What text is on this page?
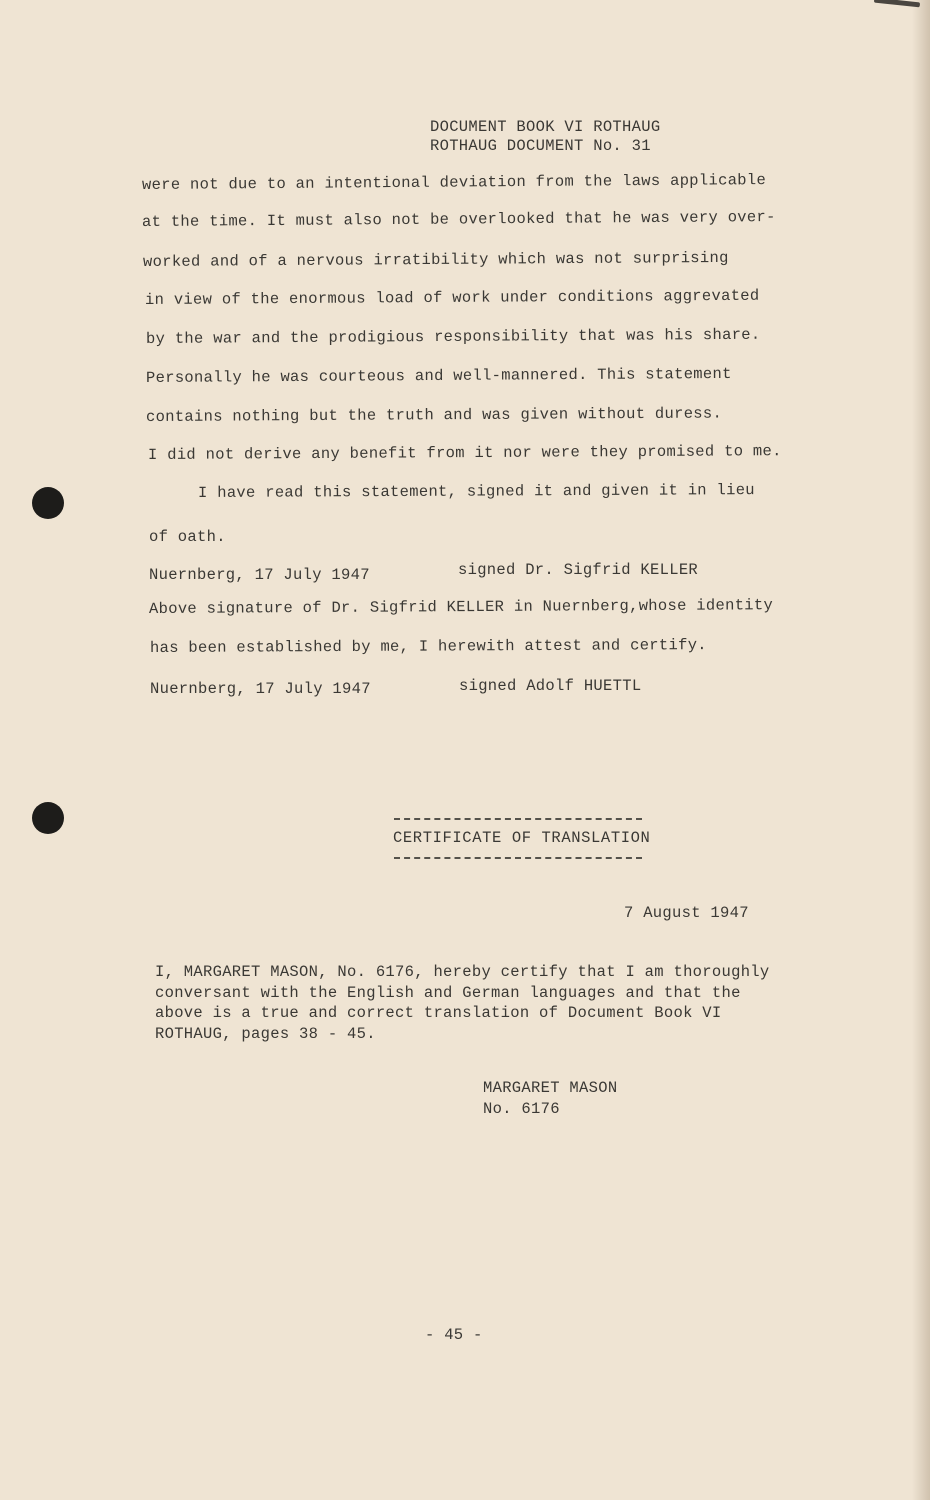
DOCUMENT BOOK VI ROTHAUG
ROTHAUG DOCUMENT No. 31
were not due to an intentional deviation from the laws applicable
at the time. It must also not be overlooked that he was very over-
worked and of a nervous irratibility which was not surprising
in view of the enormous load of work under conditions aggrevated
by the war and the prodigious responsibility that was his share.
Personally he was courteous and well-mannered. This statement
contains nothing but the truth and was given without duress.
I did not derive any benefit from it nor were they promised to me.
I have read this statement, signed it and given it in lieu
of oath.
Nuernberg, 17 July 1947	signed Dr. Sigfrid KELLER
Above signature of Dr. Sigfrid KELLER in Nuernberg,whose identity
has been established by me, I herewith attest and certify.
Nuernberg, 17 July 1947	signed Adolf HUETTL
CERTIFICATE OF TRANSLATION
7 August 1947
I, MARGARET MASON, No. 6176, hereby certify that I am thoroughly
conversant with the English and German languages and that the
above is a true and correct translation of Document Book VI
ROTHAUG, pages 38 - 45.
MARGARET MASON
No. 6176
- 45 -
